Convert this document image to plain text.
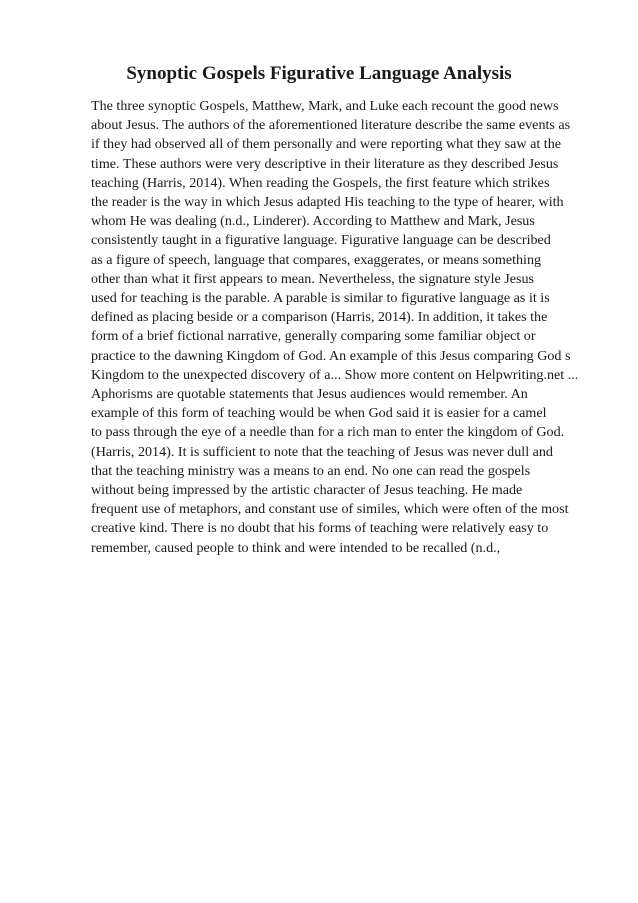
Synoptic Gospels Figurative Language Analysis
The three synoptic Gospels, Matthew, Mark, and Luke each recount the good news
about Jesus. The authors of the aforementioned literature describe the same events as
if they had observed all of them personally and were reporting what they saw at the
time. These authors were very descriptive in their literature as they described Jesus
teaching (Harris, 2014). When reading the Gospels, the first feature which strikes
the reader is the way in which Jesus adapted His teaching to the type of hearer, with
whom He was dealing (n.d., Linderer). According to Matthew and Mark, Jesus
consistently taught in a figurative language. Figurative language can be described
as a figure of speech, language that compares, exaggerates, or means something
other than what it first appears to mean. Nevertheless, the signature style Jesus
used for teaching is the parable. A parable is similar to figurative language as it is
defined as placing beside or a comparison (Harris, 2014). In addition, it takes the
form of a brief fictional narrative, generally comparing some familiar object or
practice to the dawning Kingdom of God. An example of this Jesus comparing God s
Kingdom to the unexpected discovery of a... Show more content on Helpwriting.net ...
Aphorisms are quotable statements that Jesus audiences would remember. An
example of this form of teaching would be when God said it is easier for a camel
to pass through the eye of a needle than for a rich man to enter the kingdom of God.
(Harris, 2014). It is sufficient to note that the teaching of Jesus was never dull and
that the teaching ministry was a means to an end. No one can read the gospels
without being impressed by the artistic character of Jesus teaching. He made
frequent use of metaphors, and constant use of similes, which were often of the most
creative kind. There is no doubt that his forms of teaching were relatively easy to
remember, caused people to think and were intended to be recalled (n.d.,
